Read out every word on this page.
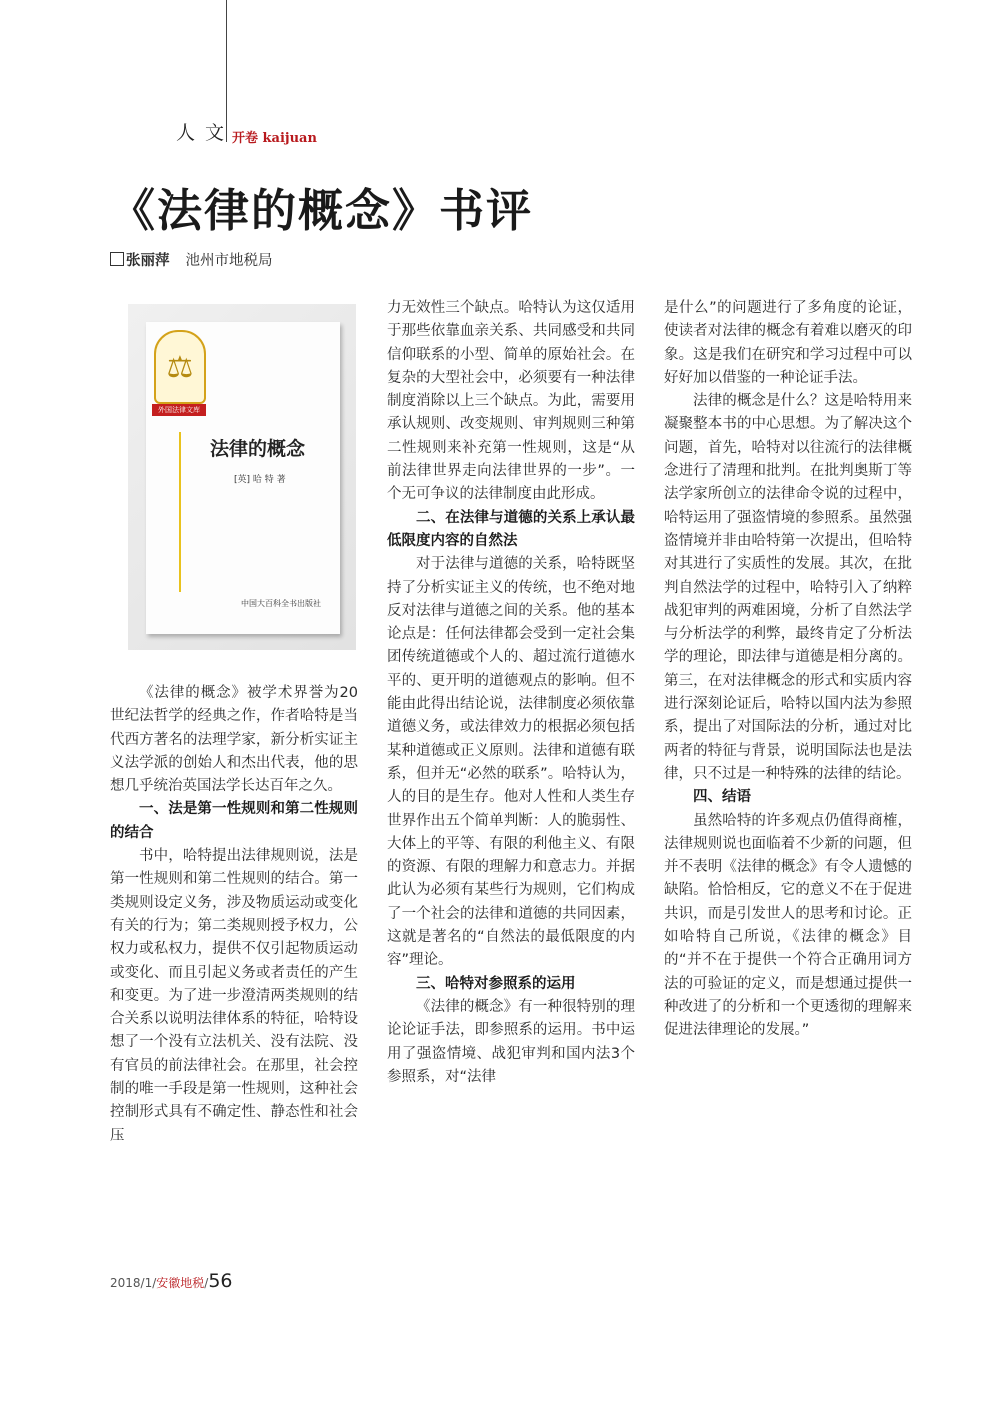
人文
开卷 kaijuan
《法律的概念》书评
张丽萍 池州市地税局
⚖
外国法律文库
法律的概念
[英] 哈 特 著
中国大百科全书出版社

《法律的概念》被学术界誉为20世纪法哲学的经典之作，作者哈特是当代西方著名的法理学家，新分析实证主义法学派的创始人和杰出代表，他的思想几乎统治英国法学长达百年之久。

一、法是第一性规则和第二性规则的结合

书中，哈特提出法律规则说，法是第一性规则和第二性规则的结合。第一类规则设定义务，涉及物质运动或变化有关的行为；第二类规则授予权力，公权力或私权力，提供不仅引起物质运动或变化、而且引起义务或者责任的产生和变更。为了进一步澄清两类规则的结合关系以说明法律体系的特征，哈特设想了一个没有立法机关、没有法院、没有官员的前法律社会。在那里，社会控制的唯一手段是第一性规则，这种社会控制形式具有不确定性、静态性和社会压

力无效性三个缺点。哈特认为这仅适用于那些依靠血亲关系、共同感受和共同信仰联系的小型、简单的原始社会。在复杂的大型社会中，必须要有一种法律制度消除以上三个缺点。为此，需要用承认规则、改变规则、审判规则三种第二性规则来补充第一性规则，这是“从前法律世界走向法律世界的一步”。一个无可争议的法律制度由此形成。

二、在法律与道德的关系上承认最低限度内容的自然法

对于法律与道德的关系，哈特既坚持了分析实证主义的传统，也不绝对地反对法律与道德之间的关系。他的基本论点是：任何法律都会受到一定社会集团传统道德或个人的、超过流行道德水平的、更开明的道德观点的影响。但不能由此得出结论说，法律制度必须依靠道德义务，或法律效力的根据必须包括某种道德或正义原则。法律和道德有联系，但并无“必然的联系”。哈特认为，人的目的是生存。他对人性和人类生存世界作出五个简单判断：人的脆弱性、大体上的平等、有限的利他主义、有限的资源、有限的理解力和意志力。并据此认为必须有某些行为规则，它们构成了一个社会的法律和道德的共同因素，这就是著名的“自然法的最低限度的内容”理论。

三、哈特对参照系的运用

《法律的概念》有一种很特别的理论论证手法，即参照系的运用。书中运用了强盗情境、战犯审判和国内法3个参照系，对“法律

是什么”的问题进行了多角度的论证，使读者对法律的概念有着难以磨灭的印象。这是我们在研究和学习过程中可以好好加以借鉴的一种论证手法。

法律的概念是什么？这是哈特用来凝聚整本书的中心思想。为了解决这个问题，首先，哈特对以往流行的法律概念进行了清理和批判。在批判奥斯丁等法学家所创立的法律命令说的过程中，哈特运用了强盗情境的参照系。虽然强盗情境并非由哈特第一次提出，但哈特对其进行了实质性的发展。其次，在批判自然法学的过程中，哈特引入了纳粹战犯审判的两难困境，分析了自然法学与分析法学的利弊，最终肯定了分析法学的理论，即法律与道德是相分离的。第三，在对法律概念的形式和实质内容进行深刻论证后，哈特以国内法为参照系，提出了对国际法的分析，通过对比两者的特征与背景，说明国际法也是法律，只不过是一种特殊的法律的结论。

四、结语

虽然哈特的许多观点仍值得商榷，法律规则说也面临着不少新的问题，但并不表明《法律的概念》有令人遗憾的缺陷。恰恰相反，它的意义不在于促进共识，而是引发世人的思考和讨论。正如哈特自己所说，《法律的概念》目的“并不在于提供一个符合正确用词方法的可验证的定义，而是想通过提供一种改进了的分析和一个更透彻的理解来促进法律理论的发展。”

2018/1/安徽地税/56
